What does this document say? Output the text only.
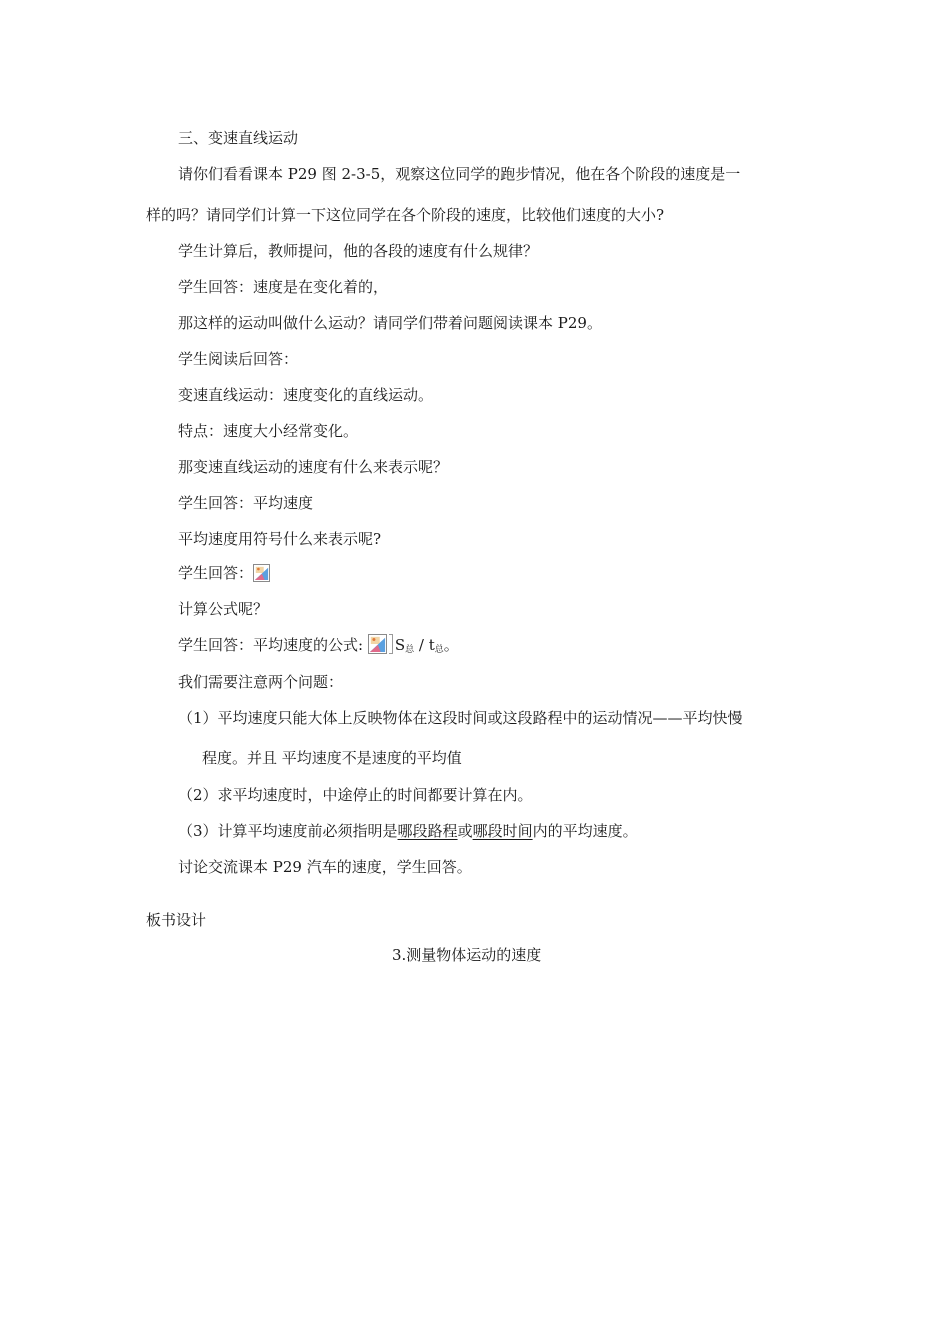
三、变速直线运动
请你们看看课本 P29 图 2-3-5，观察这位同学的跑步情况，他在各个阶段的速度是一
样的吗？请同学们计算一下这位同学在各个阶段的速度，比较他们速度的大小?
学生计算后，教师提问，他的各段的速度有什么规律？
学生回答：速度是在变化着的，
那这样的运动叫做什么运动？请同学们带着问题阅读课本 P29。
学生阅读后回答：
变速直线运动：速度变化的直线运动。
特点：速度大小经常变化。
那变速直线运动的速度有什么来表示呢？
学生回答：平均速度
平均速度用符号什么来表示呢?
学生回答：
计算公式呢？
学生回答：平均速度的公式: S总 / t总。
我们需要注意两个问题：
（1）平均速度只能大体上反映物体在这段时间或这段路程中的运动情况——平均快慢
程度。并且 平均速度不是速度的平均值
（2）求平均速度时，中途停止的时间都要计算在内。
（3）计算平均速度前必须指明是哪段路程或哪段时间内的平均速度。
讨论交流课本 P29 汽车的速度，学生回答。
板书设计
3.测量物体运动的速度
